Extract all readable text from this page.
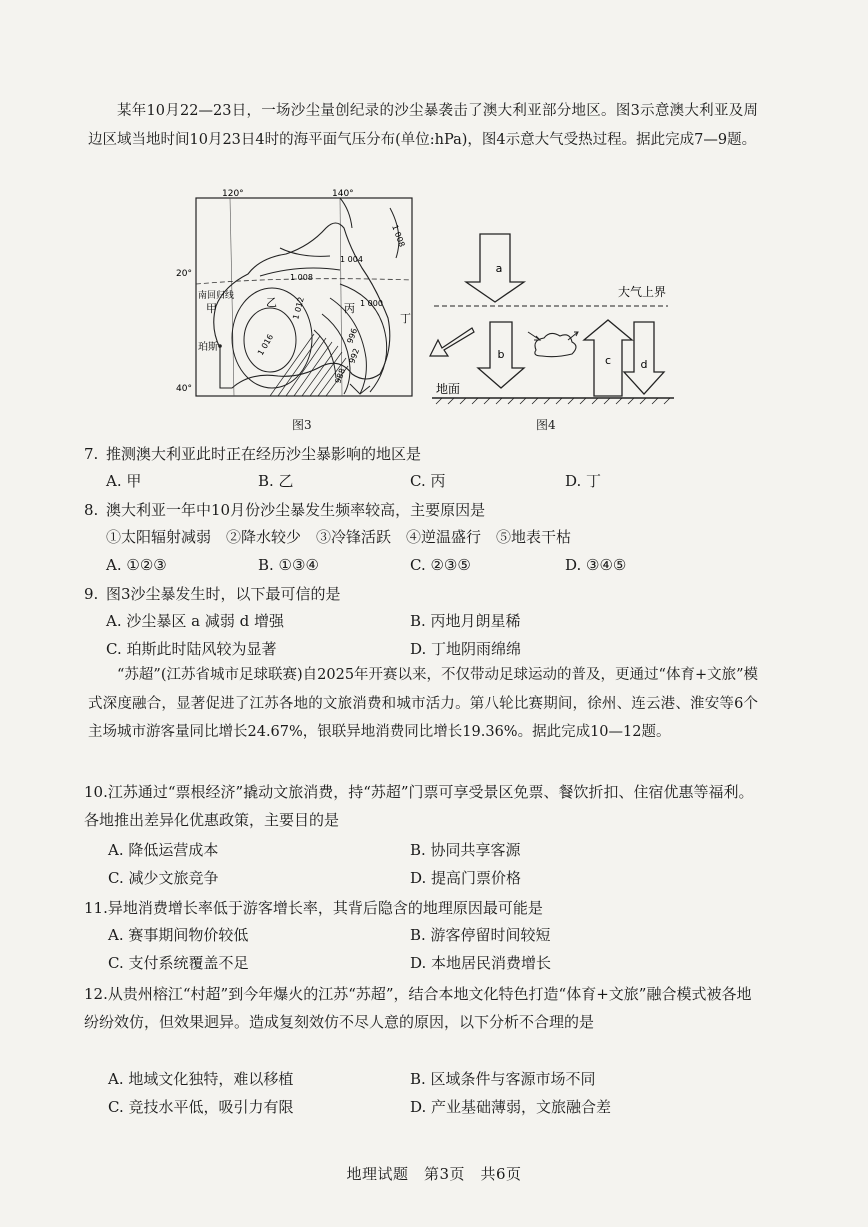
某年10月22—23日，一场沙尘量创纪录的沙尘暴袭击了澳大利亚部分地区。图3示意澳大利亚及周边区域当地时间10月23日4时的海平面气压分布(单位:hPa)，图4示意大气受热过程。据此完成7—9题。
120°	140°
20°
40°
1 008
1 004
1 008
1 012
1 016
1 000
996
992
988
南回归线
甲	乙	丙
丁
珀斯
图3
a
大气上界
b	c	d
地面
图4
7. 推测澳大利亚此时正在经历沙尘暴影响的地区是
A. 甲	B. 乙	C. 丙	D. 丁
8. 澳大利亚一年中10月份沙尘暴发生频率较高，主要原因是
①太阳辐射减弱　②降水较少　③冷锋活跃　④逆温盛行　⑤地表干枯
A. ①②③	B. ①③④	C. ②③⑤	D. ③④⑤
9. 图3沙尘暴发生时，以下最可信的是
A. 沙尘暴区 a 减弱 d 增强	B. 丙地月朗星稀
C. 珀斯此时陆风较为显著	D. 丁地阴雨绵绵
“苏超”(江苏省城市足球联赛)自2025年开赛以来，不仅带动足球运动的普及，更通过“体育+文旅”模式深度融合，显著促进了江苏各地的文旅消费和城市活力。第八轮比赛期间，徐州、连云港、淮安等6个主场城市游客量同比增长24.67%，银联异地消费同比增长19.36%。据此完成10—12题。
10.江苏通过“票根经济”撬动文旅消费，持“苏超”门票可享受景区免票、餐饮折扣、住宿优惠等福利。各地推出差异化优惠政策，主要目的是
A. 降低运营成本	B. 协同共享客源
C. 减少文旅竞争	D. 提高门票价格
11.异地消费增长率低于游客增长率，其背后隐含的地理原因最可能是
A. 赛事期间物价较低	B. 游客停留时间较短
C. 支付系统覆盖不足	D. 本地居民消费增长
12.从贵州榕江“村超”到今年爆火的江苏“苏超”，结合本地文化特色打造“体育+文旅”融合模式被各地纷纷效仿，但效果迥异。造成复刻效仿不尽人意的原因，以下分析不合理的是
A. 地域文化独特，难以移植	B. 区域条件与客源市场不同
C. 竞技水平低，吸引力有限	D. 产业基础薄弱，文旅融合差
地理试题　第3页　共6页
